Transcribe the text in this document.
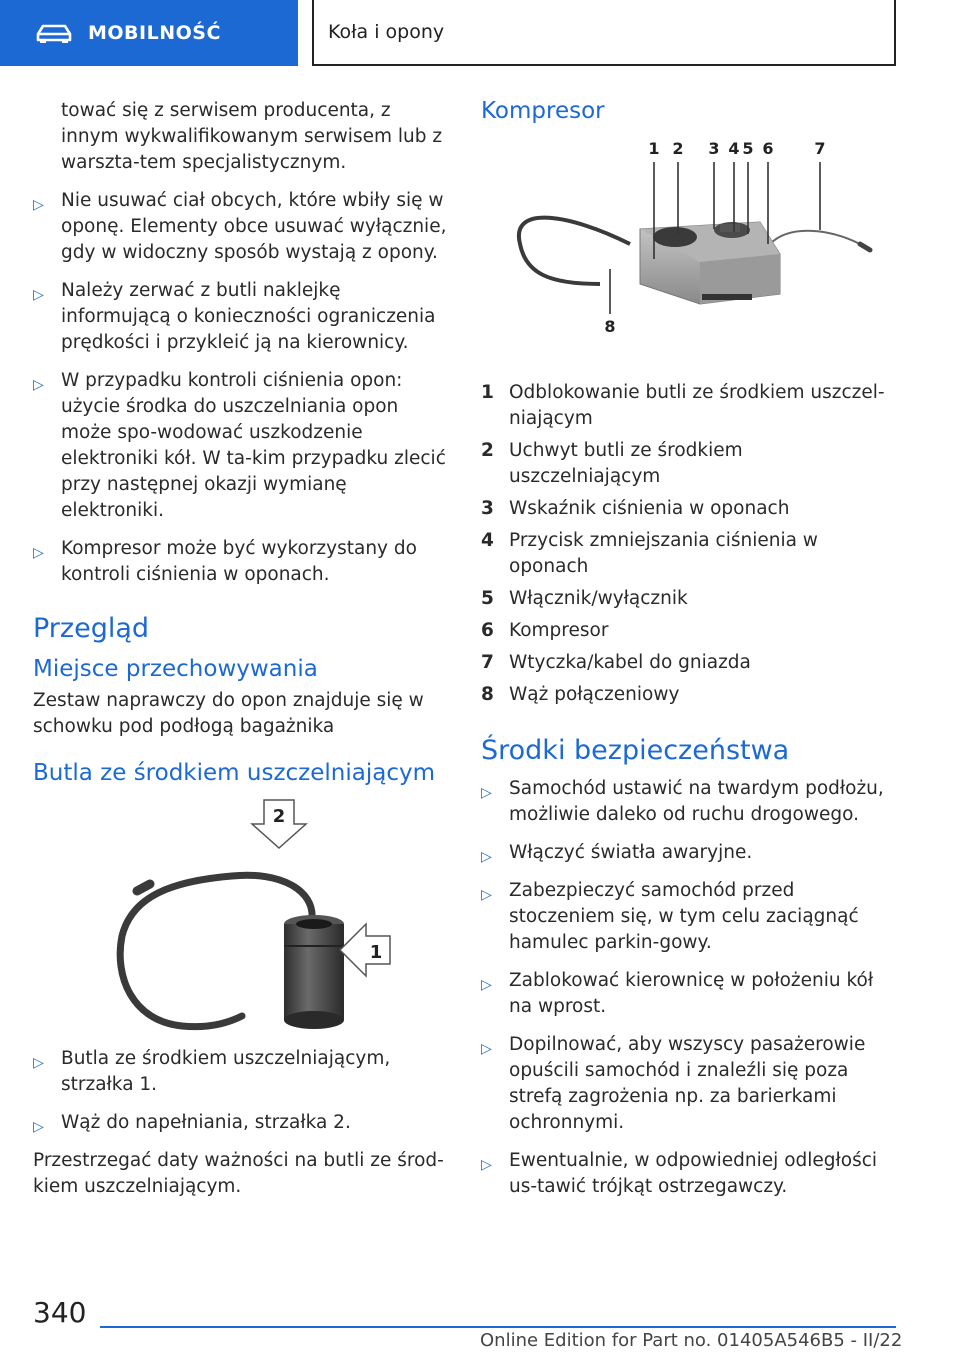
MOBILNOŚĆ	Koła i opony

tować się z serwisem producenta, z innym wykwalifikowanym serwisem lub z warszta-tem specjalistycznym.

▷ Nie usuwać ciał obcych, które wbiły się w oponę. Elementy obce usuwać wyłącznie, gdy w widoczny sposób wystają z opony.
▷ Należy zerwać z butli naklejkę informującą o konieczności ograniczenia prędkości i przykleić ją na kierownicy.
▷ W przypadku kontroli ciśnienia opon: użycie środka do uszczelniania opon może spo-wodować uszkodzenie elektroniki kół. W ta-kim przypadku zlecić przy następnej okazji wymianę elektroniki.
▷ Kompresor może być wykorzystany do kontroli ciśnienia w oponach.
Przegląd
Miejsce przechowywania

Zestaw naprawczy do opon znajduje się w schowku pod podłogą bagażnika

Butla ze środkiem uszczelniającym
2
1
▷ Butla ze środkiem uszczelniającym, strzałka 1.
▷ Wąż do napełniania, strzałka 2.

Przestrzegać daty ważności na butli ze środ-kiem uszczelniającym.

Kompresor
1 2 3 4 5 6	7
8
1 Odblokowanie butli ze środkiem uszczel-niającym
2 Uchwyt butli ze środkiem uszczelniającym
3 Wskaźnik ciśnienia w oponach
4 Przycisk zmniejszania ciśnienia w oponach
5 Włącznik/wyłącznik
6 Kompresor
7 Wtyczka/kabel do gniazda
8 Wąż połączeniowy
Środki bezpieczeństwa
▷ Samochód ustawić na twardym podłożu, możliwie daleko od ruchu drogowego.
▷ Włączyć światła awaryjne.
▷ Zabezpieczyć samochód przed stoczeniem się, w tym celu zaciągnąć hamulec parkin-gowy.
▷ Zablokować kierownicę w położeniu kół na wprost.
▷ Dopilnować, aby wszyscy pasażerowie opuścili samochód i znaleźli się poza strefą zagrożenia np. za barierkami ochronnymi.
▷ Ewentualnie, w odpowiedniej odległości us-tawić trójkąt ostrzegawczy.
340
Online Edition for Part no. 01405A546B5 - II/22
